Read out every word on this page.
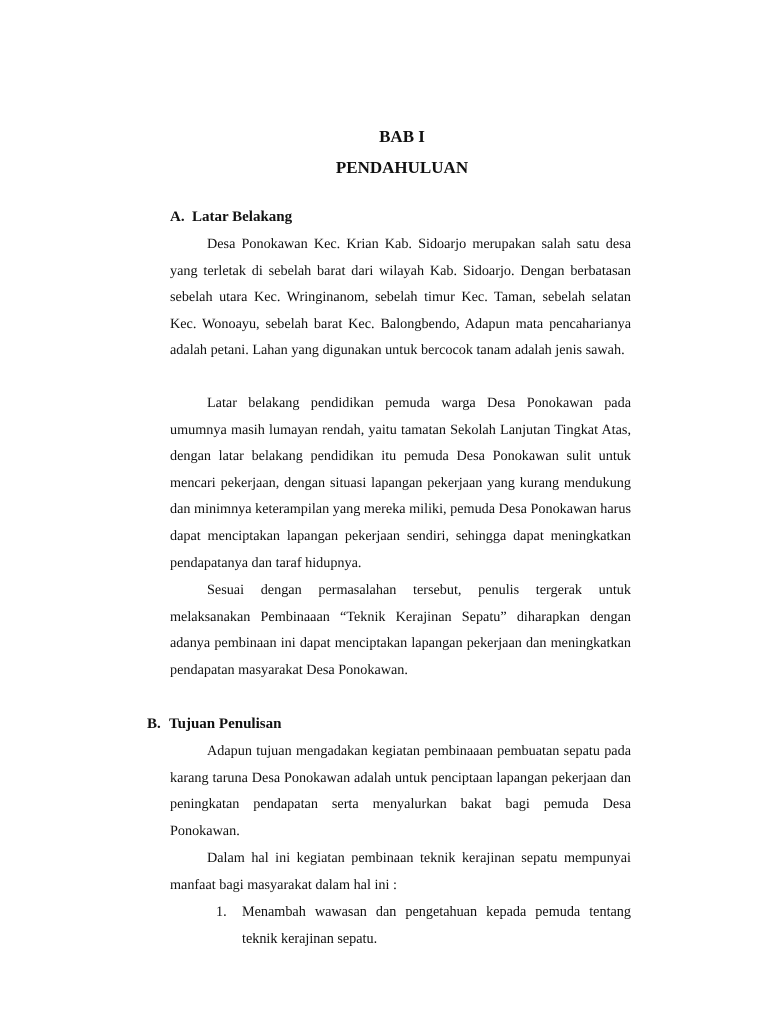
BAB I
PENDAHULUAN
A. Latar Belakang

Desa Ponokawan Kec. Krian Kab. Sidoarjo merupakan salah satu desa yang terletak di sebelah barat dari wilayah Kab. Sidoarjo. Dengan berbatasan sebelah utara Kec. Wringinanom, sebelah timur Kec. Taman, sebelah selatan Kec. Wonoayu, sebelah barat Kec. Balongbendo, Adapun mata pencaharianya adalah petani. Lahan yang digunakan untuk bercocok tanam adalah jenis sawah.

Latar belakang pendidikan pemuda warga Desa Ponokawan pada umumnya masih lumayan rendah, yaitu tamatan Sekolah Lanjutan Tingkat Atas, dengan latar belakang pendidikan itu pemuda Desa Ponokawan sulit untuk mencari pekerjaan, dengan situasi lapangan pekerjaan yang kurang mendukung dan minimnya keterampilan yang mereka miliki, pemuda Desa Ponokawan harus dapat menciptakan lapangan pekerjaan sendiri, sehingga dapat meningkatkan pendapatanya dan taraf hidupnya.

Sesuai dengan permasalahan tersebut, penulis tergerak untuk melaksanakan Pembinaaan “Teknik Kerajinan Sepatu” diharapkan dengan adanya pembinaan ini dapat menciptakan lapangan pekerjaan dan meningkatkan pendapatan masyarakat Desa Ponokawan.

B. Tujuan Penulisan

Adapun tujuan mengadakan kegiatan pembinaaan pembuatan sepatu pada karang taruna Desa Ponokawan adalah untuk penciptaan lapangan pekerjaan dan peningkatan pendapatan serta menyalurkan bakat bagi pemuda Desa Ponokawan.

Dalam hal ini kegiatan pembinaan teknik kerajinan sepatu mempunyai manfaat bagi masyarakat dalam hal ini :

1. Menambah wawasan dan pengetahuan kepada pemuda tentang teknik kerajinan sepatu.
